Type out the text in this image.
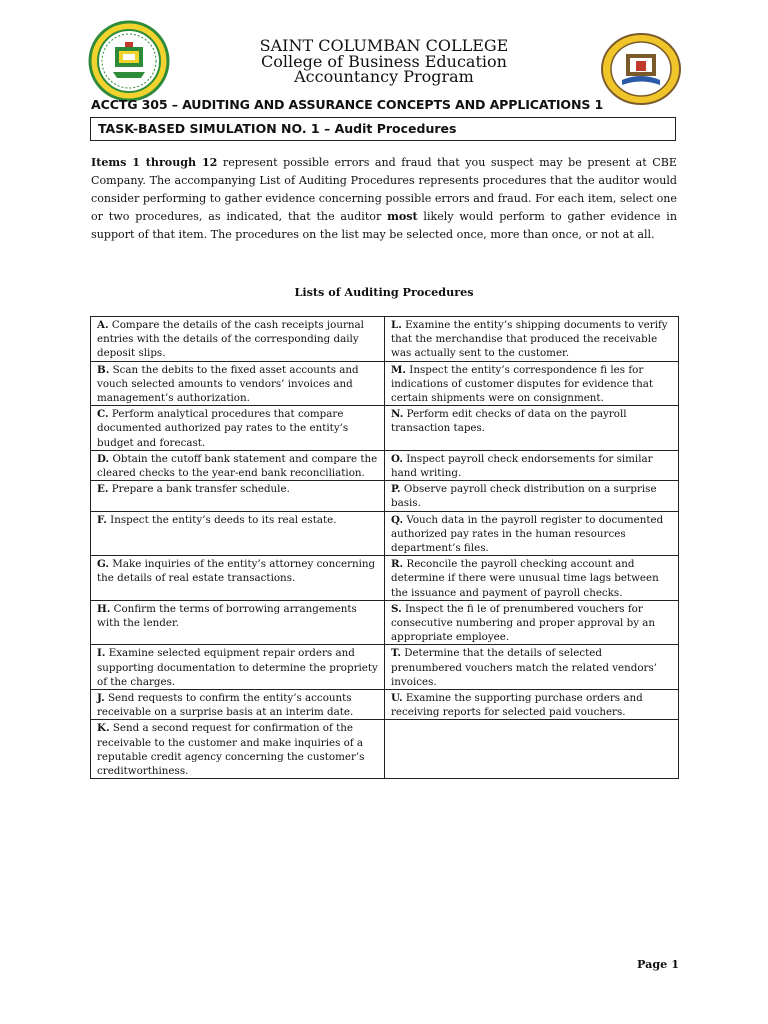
SAINT COLUMBAN COLLEGE
College of Business Education
Accountancy Program
ACCTG 305 – AUDITING AND ASSURANCE CONCEPTS AND APPLICATIONS 1
TASK-BASED SIMULATION NO. 1 – Audit Procedures
Items 1 through 12 represent possible errors and fraud that you suspect may be present at CBE Company. The accompanying List of Auditing Procedures represents procedures that the auditor would consider performing to gather evidence concerning possible errors and fraud. For each item, select one or two procedures, as indicated, that the auditor most likely would perform to gather evidence in support of that item. The procedures on the list may be selected once, more than once, or not at all.
Lists of Auditing Procedures
A. Compare the details of the cash receipts journal entries with the details of the corresponding daily deposit slips.	L. Examine the entity’s shipping documents to verify that the merchandise that produced the receivable was actually sent to the customer.
B. Scan the debits to the fixed asset accounts and vouch selected amounts to vendors’ invoices and management’s authorization.	M. Inspect the entity’s correspondence fi les for indications of customer disputes for evidence that certain shipments were on consignment.
C. Perform analytical procedures that compare documented authorized pay rates to the entity’s budget and forecast.	N. Perform edit checks of data on the payroll transaction tapes.
D. Obtain the cutoff bank statement and compare the cleared checks to the year-end bank reconciliation.	O. Inspect payroll check endorsements for similar hand writing.
E. Prepare a bank transfer schedule.	P. Observe payroll check distribution on a surprise basis.
F. Inspect the entity’s deeds to its real estate.	Q. Vouch data in the payroll register to documented authorized pay rates in the human resources department’s files.
G. Make inquiries of the entity’s attorney concerning the details of real estate transactions.	R. Reconcile the payroll checking account and determine if there were unusual time lags between the issuance and payment of payroll checks.
H. Confirm the terms of borrowing arrangements with the lender.	S. Inspect the fi le of prenumbered vouchers for consecutive numbering and proper approval by an appropriate employee.
I. Examine selected equipment repair orders and supporting documentation to determine the propriety of the charges.	T. Determine that the details of selected prenumbered vouchers match the related vendors’ invoices.
J. Send requests to confirm the entity’s accounts receivable on a surprise basis at an interim date.	U. Examine the supporting purchase orders and receiving reports for selected paid vouchers.
K. Send a second request for confirmation of the receivable to the customer and make inquiries of a reputable credit agency concerning the customer’s creditworthiness.	
Page 1
